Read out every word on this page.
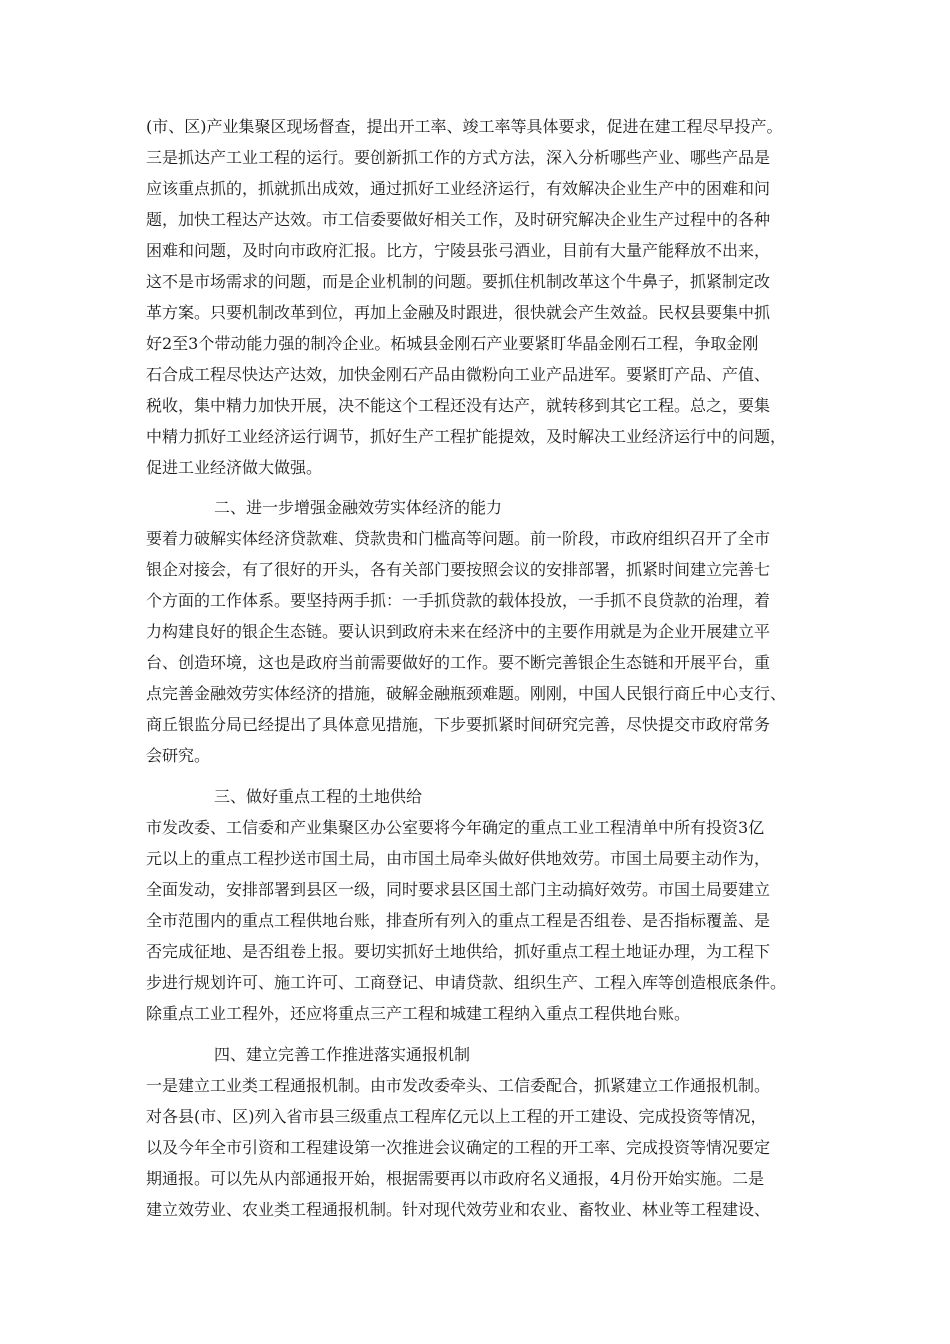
(市、区)产业集聚区现场督查，提出开工率、竣工率等具体要求，促进在建工程尽早投产。
三是抓达产工业工程的运行。要创新抓工作的方式方法，深入分析哪些产业、哪些产品是
应该重点抓的，抓就抓出成效，通过抓好工业经济运行，有效解决企业生产中的困难和问
题，加快工程达产达效。市工信委要做好相关工作，及时研究解决企业生产过程中的各种
困难和问题，及时向市政府汇报。比方，宁陵县张弓酒业，目前有大量产能释放不出来，
这不是市场需求的问题，而是企业机制的问题。要抓住机制改革这个牛鼻子，抓紧制定改
革方案。只要机制改革到位，再加上金融及时跟进，很快就会产生效益。民权县要集中抓
好2至3个带动能力强的制冷企业。柘城县金刚石产业要紧盯华晶金刚石工程，争取金刚
石合成工程尽快达产达效，加快金刚石产品由微粉向工业产品进军。要紧盯产品、产值、
税收，集中精力加快开展，决不能这个工程还没有达产，就转移到其它工程。总之，要集
中精力抓好工业经济运行调节，抓好生产工程扩能提效，及时解决工业经济运行中的问题，
促进工业经济做大做强。
二、进一步增强金融效劳实体经济的能力
要着力破解实体经济贷款难、贷款贵和门槛高等问题。前一阶段，市政府组织召开了全市
银企对接会，有了很好的开头，各有关部门要按照会议的安排部署，抓紧时间建立完善七
个方面的工作体系。要坚持两手抓：一手抓贷款的载体投放，一手抓不良贷款的治理，着
力构建良好的银企生态链。要认识到政府未来在经济中的主要作用就是为企业开展建立平
台、创造环境，这也是政府当前需要做好的工作。要不断完善银企生态链和开展平台，重
点完善金融效劳实体经济的措施，破解金融瓶颈难题。刚刚，中国人民银行商丘中心支行、
商丘银监分局已经提出了具体意见措施，下步要抓紧时间研究完善，尽快提交市政府常务
会研究。
三、做好重点工程的土地供给
市发改委、工信委和产业集聚区办公室要将今年确定的重点工业工程清单中所有投资3亿
元以上的重点工程抄送市国土局，由市国土局牵头做好供地效劳。市国土局要主动作为，
全面发动，安排部署到县区一级，同时要求县区国土部门主动搞好效劳。市国土局要建立
全市范围内的重点工程供地台账，排查所有列入的重点工程是否组卷、是否指标覆盖、是
否完成征地、是否组卷上报。要切实抓好土地供给，抓好重点工程土地证办理，为工程下
步进行规划许可、施工许可、工商登记、申请贷款、组织生产、工程入库等创造根底条件。
除重点工业工程外，还应将重点三产工程和城建工程纳入重点工程供地台账。
四、建立完善工作推进落实通报机制
一是建立工业类工程通报机制。由市发改委牵头、工信委配合，抓紧建立工作通报机制。
对各县(市、区)列入省市县三级重点工程库亿元以上工程的开工建设、完成投资等情况，
以及今年全市引资和工程建设第一次推进会议确定的工程的开工率、完成投资等情况要定
期通报。可以先从内部通报开始，根据需要再以市政府名义通报，4月份开始实施。二是
建立效劳业、农业类工程通报机制。针对现代效劳业和农业、畜牧业、林业等工程建设、
